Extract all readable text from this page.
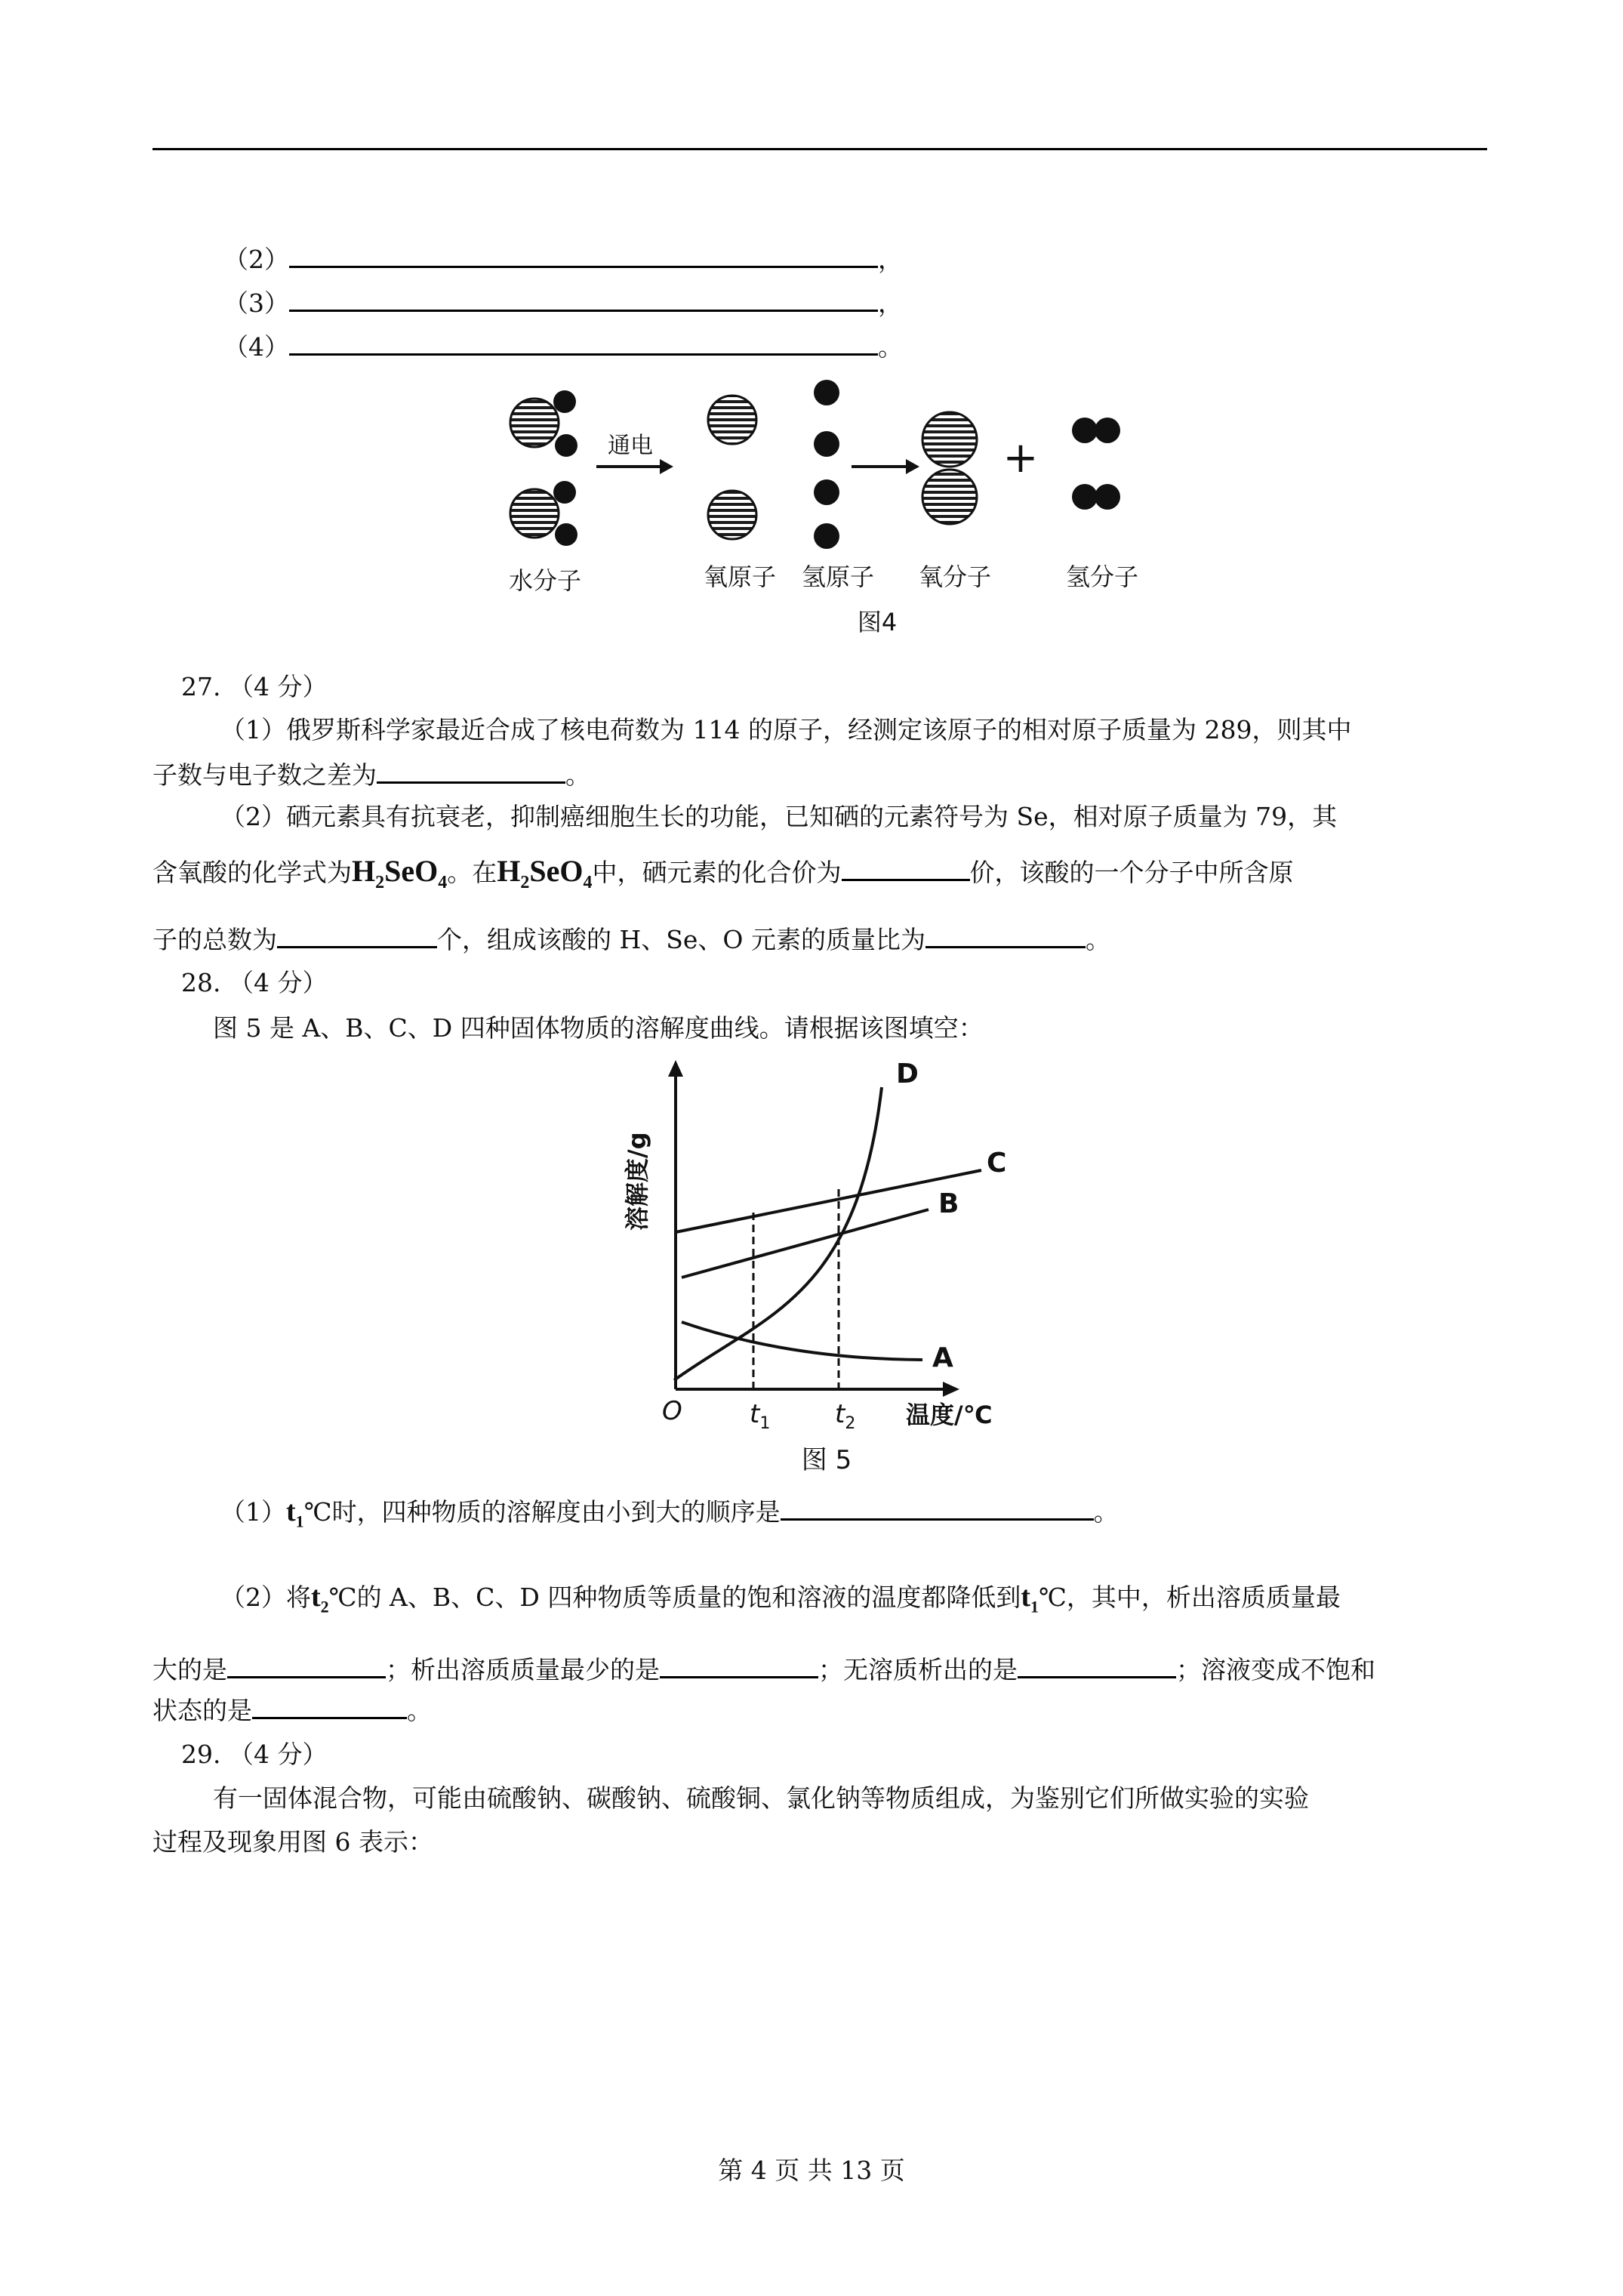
（2）	，
（3）	，
（4）	。
通电	+
水分子	氧原子 氢原子 氧分子	氢分子
图4
27. （4 分）
（1）俄罗斯科学家最近合成了核电荷数为 114 的原子，经测定该原子的相对原子质量为 289，则其中
子数与电子数之差为	。
（2）硒元素具有抗衰老，抑制癌细胞生长的功能，已知硒的元素符号为 Se，相对原子质量为 79，其
含氧酸的化学式为$H_2SeO_4$。在$H_2SeO_4$中，硒元素的化合价为	价，该酸的一个分子中所含原
子的总数为	个，组成该酸的 H、Se、O 元素的质量比为	。
28. （4 分）
图 5 是 A、B、C、D 四种固体物质的溶解度曲线。请根据该图填空：
D
C
B
A
溶解度/g
O	$t_1$	$t_2$ 温度/℃
图 5
$(1)t_1℃$时，四种物质的溶解度由小到大的顺序是	。
（2）将$t_2℃$的 A、B、C、D 四种物质等质量的饱和溶液的温度都降低到$t_1℃$，其中，析出溶质质量最
大的是	；析出溶质质量最少的是	；无溶质析出的是	；溶液变成不饱和
状态的是	。
29. （4 分）
有一固体混合物，可能由硫酸钠、碳酸钠、硫酸铜、氯化钠等物质组成，为鉴别它们所做实验的实验
过程及现象用图 6 表示：
第 4 页 共 13 页
